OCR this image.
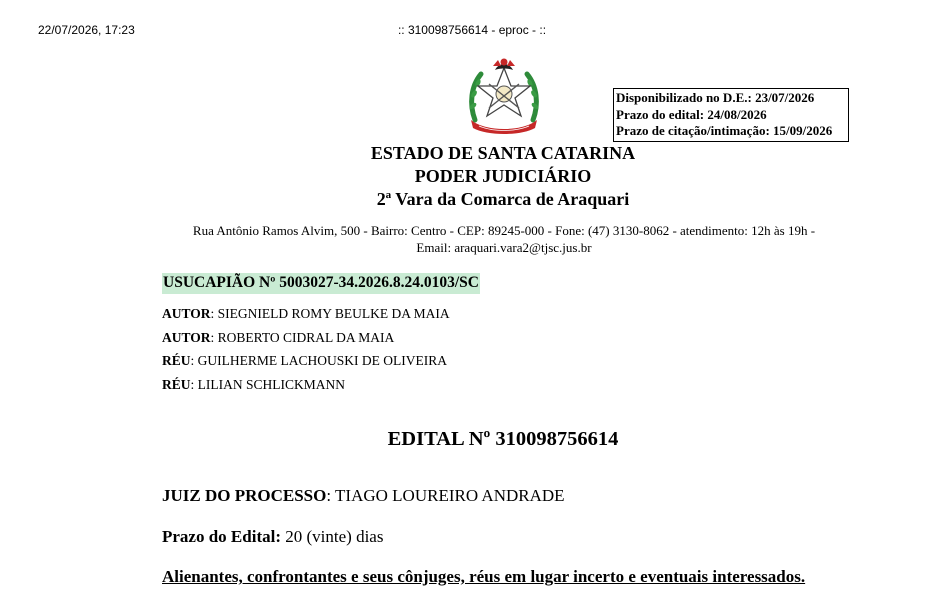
22/07/2026, 17:23	:: 310098756614 - eproc - ::
Disponibilizado no D.E.: 23/07/2026
Prazo do edital: 24/08/2026
Prazo de citação/intimação: 15/09/2026
ESTADO DE SANTA CATARINA
PODER JUDICIÁRIO
2ª Vara da Comarca de Araquari
Rua Antônio Ramos Alvim, 500 - Bairro: Centro - CEP: 89245-000 - Fone: (47) 3130-8062 - atendimento: 12h às 19h -
Email: araquari.vara2@tjsc.jus.br
USUCAPIÃO Nº 5003027-34.2026.8.24.0103/SC
AUTOR: SIEGNIELD ROMY BEULKE DA MAIA
AUTOR: ROBERTO CIDRAL DA MAIA
RÉU: GUILHERME LACHOUSKI DE OLIVEIRA
RÉU: LILIAN SCHLICKMANN
EDITAL Nº 310098756614
JUIZ DO PROCESSO: TIAGO LOUREIRO ANDRADE
Prazo do Edital: 20 (vinte) dias
Alienantes, confrontantes e seus cônjuges, réus em lugar incerto e eventuais interessados.
